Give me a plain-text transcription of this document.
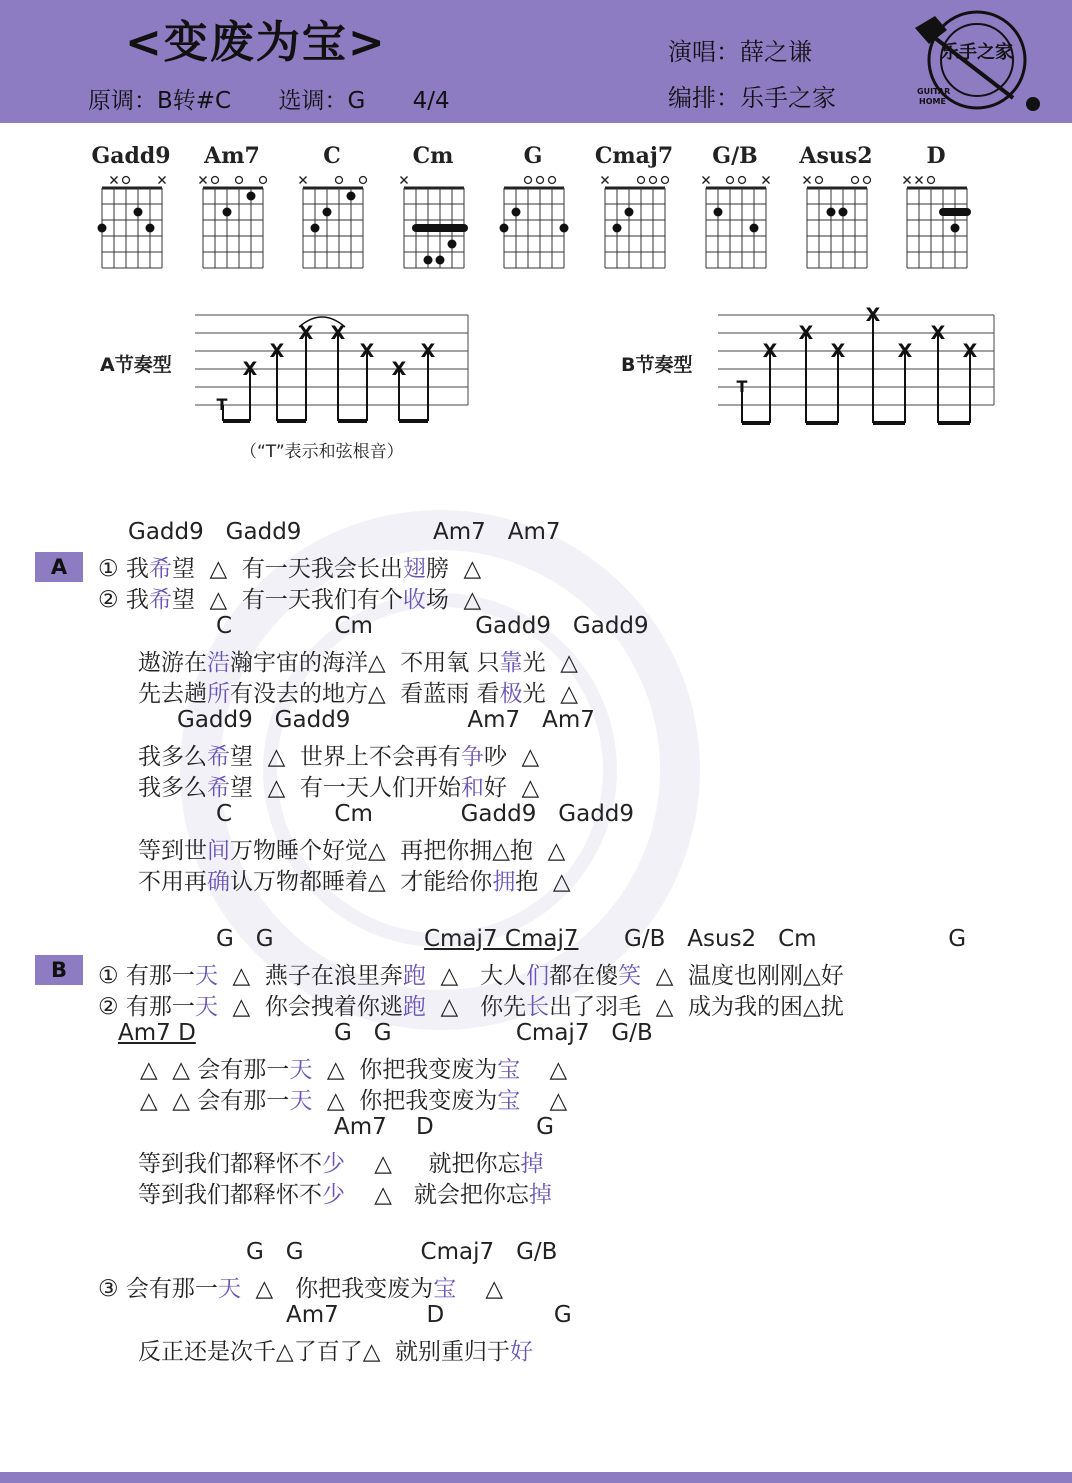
<变废为宝>
原调：B转#C 选调：G 4/4
演唱：薛之谦
编排：乐手之家
乐手之家
GUITAR
HOME
Gadd9	Am7	C	Cm	G	Cmaj7	G/B	Asus2	D
A节奏型	X
X
X X
X
X
X
T
（“T”表示和弦根音）
B节奏型
X
X
X
X
X
X
X
T
A
Gadd9   Gadd9                  Am7   Am7
① 我希望  △  有一天我会长出翅膀  △
② 我希望  △  有一天我们有个收场  △
C              Cm              Gadd9   Gadd9
遨游在浩瀚宇宙的海洋△  不用氧 只靠光  △
先去趟所有没去的地方△  看蓝雨 看极光  △
Gadd9   Gadd9                Am7   Am7
我多么希望  △  世界上不会再有争吵  △
我多么希望  △  有一天人们开始和好  △
C              Cm            Gadd9   Gadd9
等到世间万物睡个好觉△  再把你拥△抱  △
不用再确认万物都睡着△  才能给你拥抱  △
B
G   G	Cmaj7 Cmaj7 G/B   Asus2   Cm                  G
① 有那一天  △  燕子在浪里奔跑  △   大人们都在傻笑  △  温度也刚刚△好
② 有那一天  △  你会拽着你逃跑  △   你先长出了羽毛  △  成为我的困△扰
Am7 D	G   G                 Cmaj7   G/B
△  △ 会有那一天  △  你把我变废为宝    △
△  △ 会有那一天  △  你把我变废为宝    △
Am7    D              G
等到我们都释怀不少    △     就把你忘掉
等到我们都释怀不少    △   就会把你忘掉
G   G                Cmaj7   G/B
③ 会有那一天  △   你把我变废为宝    △
Am7            D               G
反正还是次千△了百了△  就别重归于好
